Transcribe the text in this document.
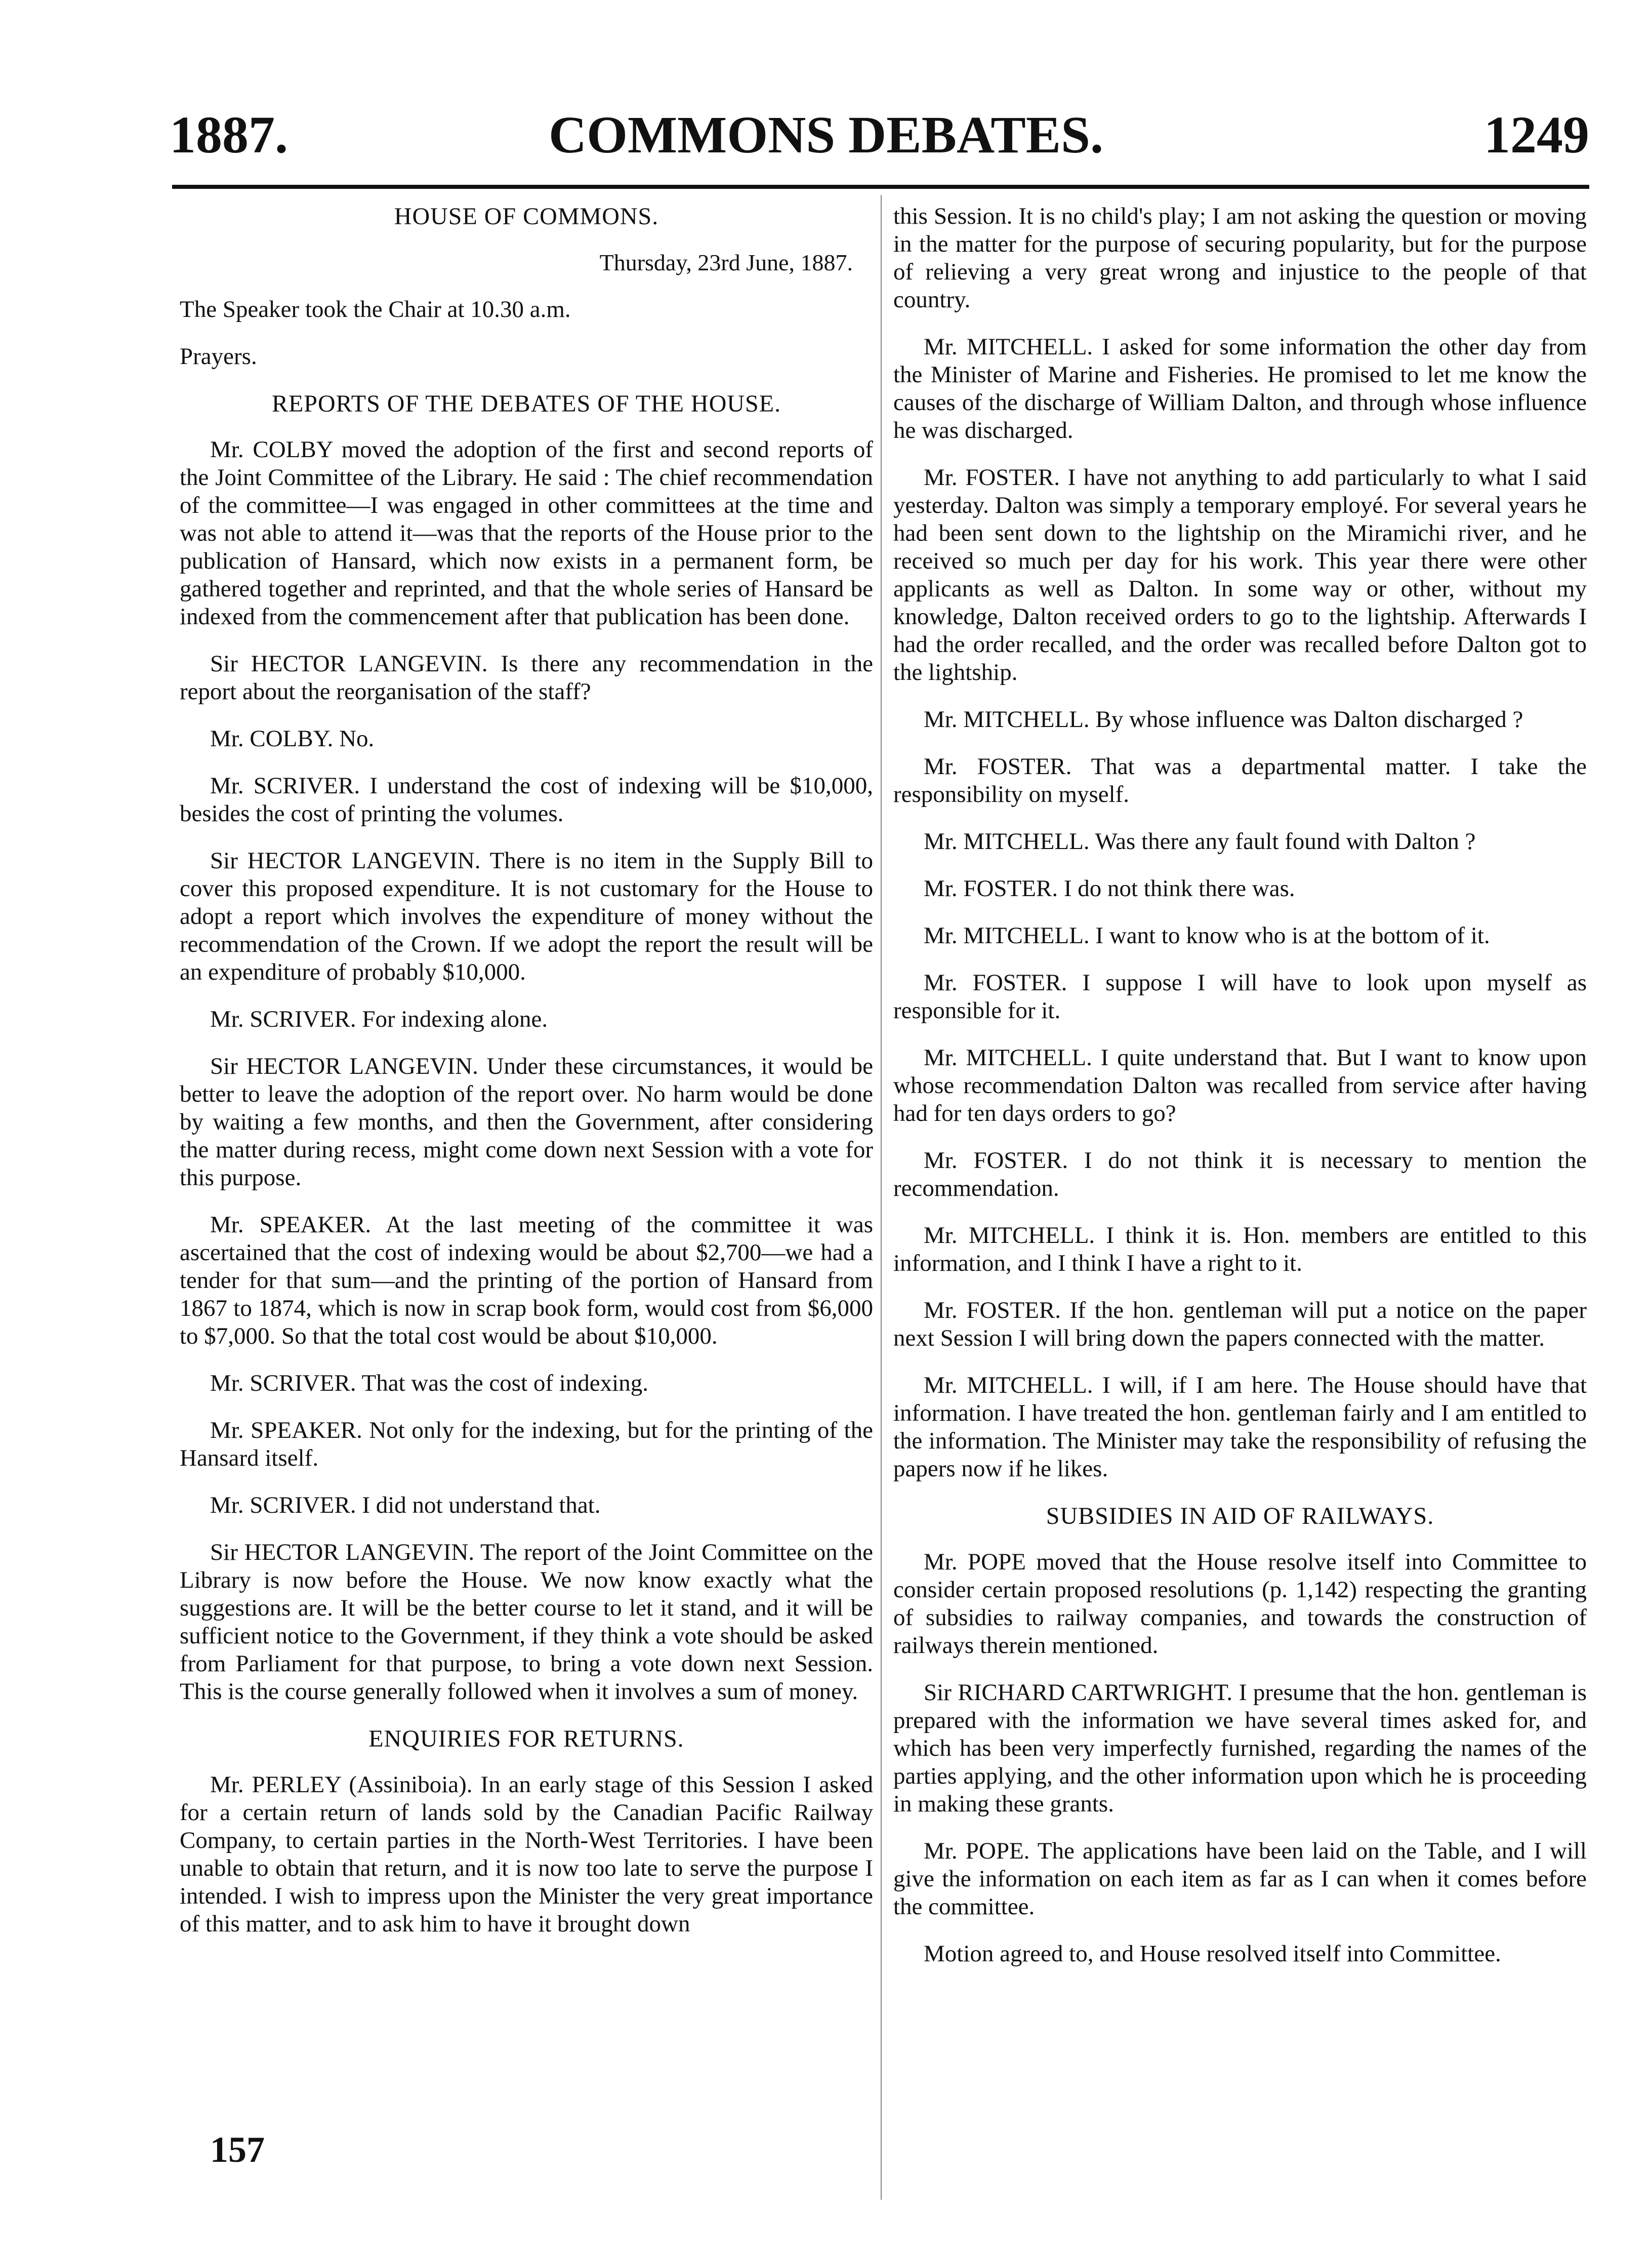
COMMONS DEBATES.
1887.	1249
HOUSE OF COMMONS.
Thursday, 23rd June, 1887.
The Speaker took the Chair at 10.30 a.m.
Prayers.
REPORTS OF THE DEBATES OF THE HOUSE.

Mr. COLBY moved the adoption of the first and second reports of the Joint Committee of the Library. He said : The chief recommendation of the committee—I was engaged in other committees at the time and was not able to attend it—was that the reports of the House prior to the publication of Hansard, which now exists in a permanent form, be gathered together and reprinted, and that the whole series of Hansard be indexed from the commencement after that publication has been done.

Sir HECTOR LANGEVIN. Is there any recommendation in the report about the reorganisation of the staff?

Mr. COLBY. No.

Mr. SCRIVER. I understand the cost of indexing will be $10,000, besides the cost of printing the volumes.

Sir HECTOR LANGEVIN. There is no item in the Supply Bill to cover this proposed expenditure. It is not customary for the House to adopt a report which involves the expenditure of money without the recommendation of the Crown. If we adopt the report the result will be an expenditure of probably $10,000.

Mr. SCRIVER. For indexing alone.

Sir HECTOR LANGEVIN. Under these circumstances, it would be better to leave the adoption of the report over. No harm would be done by waiting a few months, and then the Government, after considering the matter during recess, might come down next Session with a vote for this purpose.

Mr. SPEAKER. At the last meeting of the committee it was ascertained that the cost of indexing would be about $2,700—we had a tender for that sum—and the printing of the portion of Hansard from 1867 to 1874, which is now in scrap book form, would cost from $6,000 to $7,000. So that the total cost would be about $10,000.

Mr. SCRIVER. That was the cost of indexing.

Mr. SPEAKER. Not only for the indexing, but for the printing of the Hansard itself.

Mr. SCRIVER. I did not understand that.

Sir HECTOR LANGEVIN. The report of the Joint Committee on the Library is now before the House. We now know exactly what the suggestions are. It will be the better course to let it stand, and it will be sufficient notice to the Government, if they think a vote should be asked from Parliament for that purpose, to bring a vote down next Session. This is the course generally followed when it involves a sum of money.

ENQUIRIES FOR RETURNS.

Mr. PERLEY (Assiniboia). In an early stage of this Session I asked for a certain return of lands sold by the Canadian Pacific Railway Company, to certain parties in the North-West Territories. I have been unable to obtain that return, and it is now too late to serve the purpose I intended. I wish to impress upon the Minister the very great importance of this matter, and to ask him to have it brought down

this Session. It is no child's play; I am not asking the question or moving in the matter for the purpose of securing popularity, but for the purpose of relieving a very great wrong and injustice to the people of that country.

Mr. MITCHELL. I asked for some information the other day from the Minister of Marine and Fisheries. He promised to let me know the causes of the discharge of William Dalton, and through whose influence he was discharged.

Mr. FOSTER. I have not anything to add particularly to what I said yesterday. Dalton was simply a temporary employé. For several years he had been sent down to the lightship on the Miramichi river, and he received so much per day for his work. This year there were other applicants as well as Dalton. In some way or other, without my knowledge, Dalton received orders to go to the lightship. Afterwards I had the order recalled, and the order was recalled before Dalton got to the lightship.

Mr. MITCHELL. By whose influence was Dalton discharged ?

Mr. FOSTER. That was a departmental matter. I take the responsibility on myself.

Mr. MITCHELL. Was there any fault found with Dalton ?

Mr. FOSTER. I do not think there was.

Mr. MITCHELL. I want to know who is at the bottom of it.

Mr. FOSTER. I suppose I will have to look upon myself as responsible for it.

Mr. MITCHELL. I quite understand that. But I want to know upon whose recommendation Dalton was recalled from service after having had for ten days orders to go?

Mr. FOSTER. I do not think it is necessary to mention the recommendation.

Mr. MITCHELL. I think it is. Hon. members are entitled to this information, and I think I have a right to it.

Mr. FOSTER. If the hon. gentleman will put a notice on the paper next Session I will bring down the papers connected with the matter.

Mr. MITCHELL. I will, if I am here. The House should have that information. I have treated the hon. gentleman fairly and I am entitled to the information. The Minister may take the responsibility of refusing the papers now if he likes.

SUBSIDIES IN AID OF RAILWAYS.

Mr. POPE moved that the House resolve itself into Committee to consider certain proposed resolutions (p. 1,142) respecting the granting of subsidies to railway companies, and towards the construction of railways therein mentioned.

Sir RICHARD CARTWRIGHT. I presume that the hon. gentleman is prepared with the information we have several times asked for, and which has been very imperfectly furnished, regarding the names of the parties applying, and the other information upon which he is proceeding in making these grants.

Mr. POPE. The applications have been laid on the Table, and I will give the information on each item as far as I can when it comes before the committee.

Motion agreed to, and House resolved itself into Committee.

157
